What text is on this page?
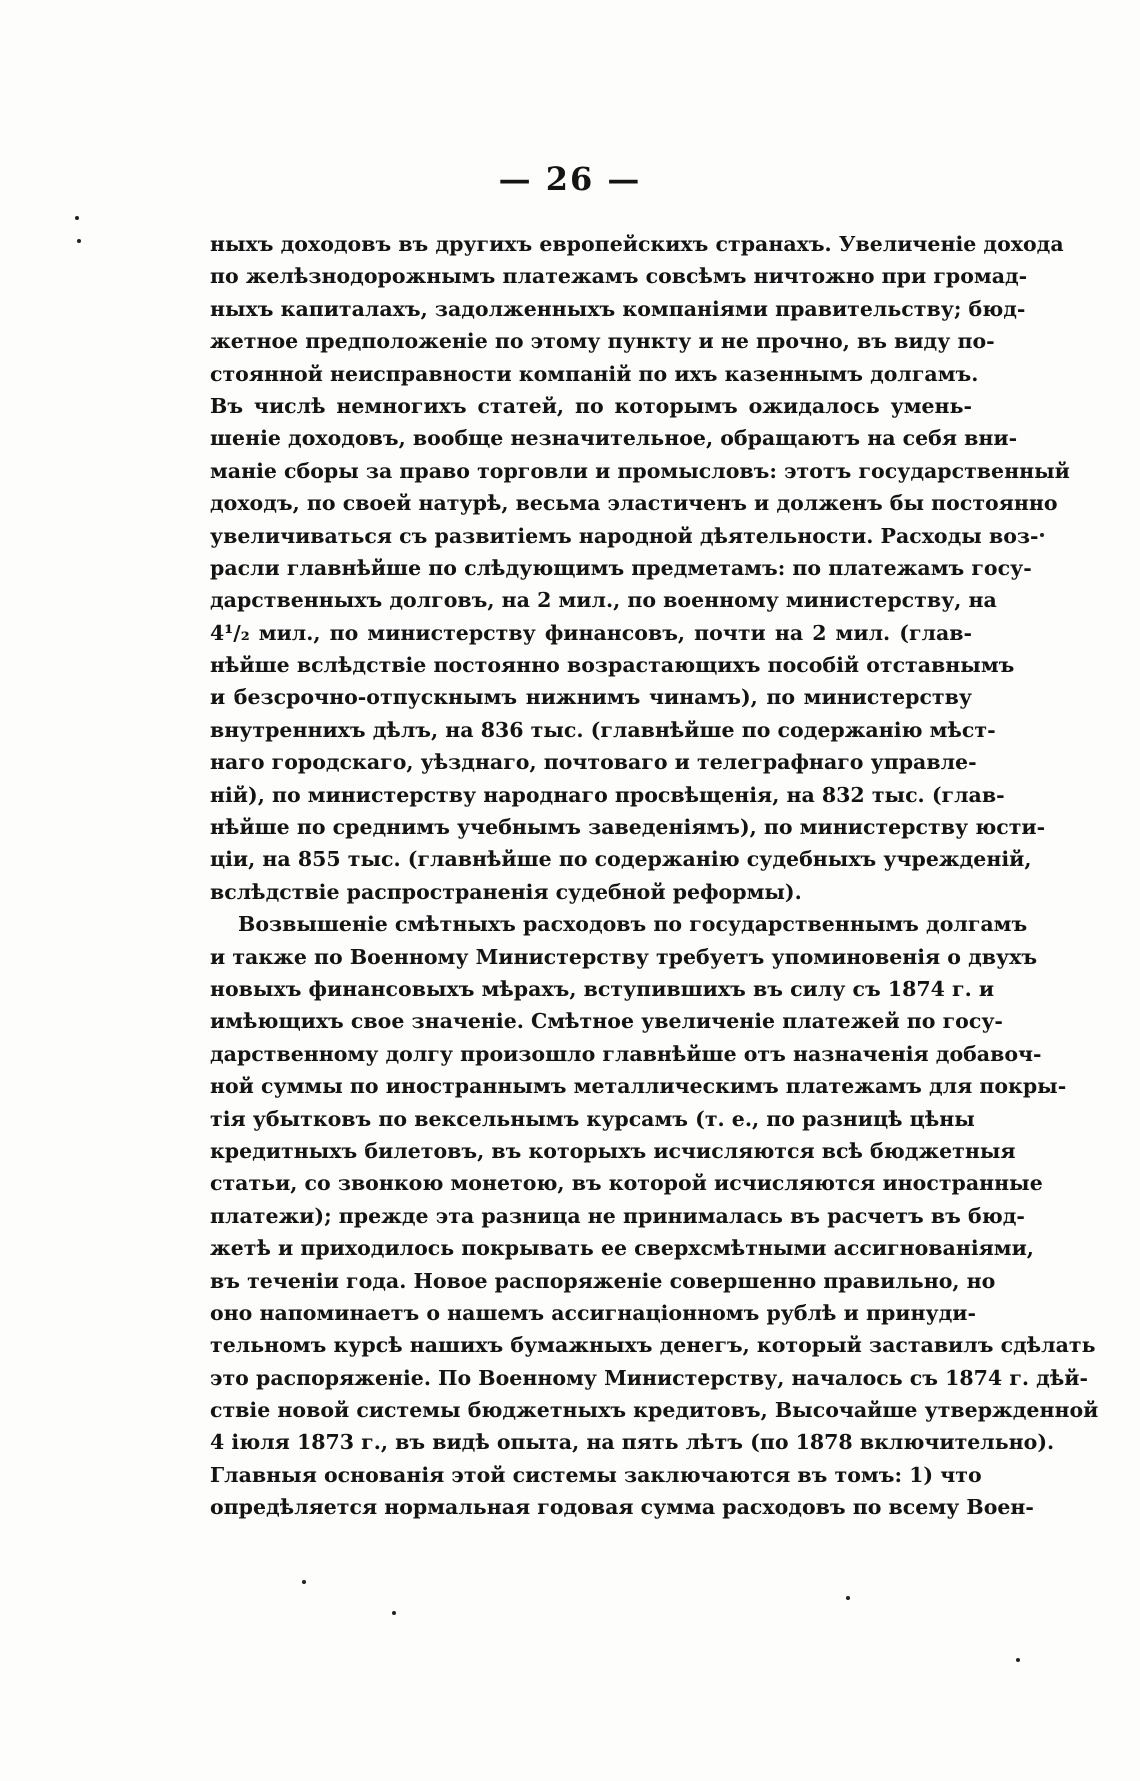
— 26 —
ныхъ доходовъ въ другихъ европейскихъ странахъ. Увеличеніе дохода
по желѣзнодорожнымъ платежамъ совсѣмъ ничтожно при громад-
ныхъ капиталахъ, задолженныхъ компаніями правительству; бюд-
жетное предположеніе по этому пункту и не прочно, въ виду по-
стоянной неисправности компаній по ихъ казеннымъ долгамъ.
Въ числѣ немногихъ статей, по которымъ ожидалось умень-
шеніе доходовъ, вообще незначительное, обращаютъ на себя вни-
маніе сборы за право торговли и промысловъ: этотъ государственный
доходъ, по своей натурѣ, весьма эластиченъ и долженъ бы постоянно
увеличиваться съ развитіемъ народной дѣятельности. Расходы воз-
расли главнѣйше по слѣдующимъ предметамъ: по платежамъ госу-
дарственныхъ долговъ, на 2 мил., по военному министерству, на
4¹/₂ мил., по министерству финансовъ, почти на 2 мил. (глав-
нѣйше вслѣдствіе постоянно возрастающихъ пособій отставнымъ
и безсрочно-отпускнымъ нижнимъ чинамъ), по министерству
внутреннихъ дѣлъ, на 836 тыс. (главнѣйше по содержанію мѣст-
наго городскаго, уѣзднаго, почтоваго и телеграфнаго управле-
ній), по министерству народнаго просвѣщенія, на 832 тыс. (глав-
нѣйше по среднимъ учебнымъ заведеніямъ), по министерству юсти-
ціи, на 855 тыс. (главнѣйше по содержанію судебныхъ учрежденій,
вслѣдствіе распространенія судебной реформы).
Возвышеніе смѣтныхъ расходовъ по государственнымъ долгамъ
и также по Военному Министерству требуетъ упоминовенія о двухъ
новыхъ финансовыхъ мѣрахъ, вступившихъ въ силу съ 1874 г. и
имѣющихъ свое значеніе. Смѣтное увеличеніе платежей по госу-
дарственному долгу произошло главнѣйше отъ назначенія добавоч-
ной суммы по иностраннымъ металлическимъ платежамъ для покры-
тія убытковъ по вексельнымъ курсамъ (т. е., по разницѣ цѣны
кредитныхъ билетовъ, въ которыхъ исчисляются всѣ бюджетныя
статьи, со звонкою монетою, въ которой исчисляются иностранные
платежи); прежде эта разница не принималась въ расчетъ въ бюд-
жетѣ и приходилось покрывать ее сверхсмѣтными ассигнованіями,
въ теченіи года. Новое распоряженіе совершенно правильно, но
оно напоминаетъ о нашемъ ассигнаціонномъ рублѣ и принуди-
тельномъ курсѣ нашихъ бумажныхъ денегъ, который заставилъ сдѣлать
это распоряженіе. По Военному Министерству, началось съ 1874 г. дѣй-
ствіе новой системы бюджетныхъ кредитовъ, Высочайше утвержденной
4 іюля 1873 г., въ видѣ опыта, на пять лѣтъ (по 1878 включительно).
Главныя основанія этой системы заключаются въ томъ: 1) что
опредѣляется нормальная годовая сумма расходовъ по всему Воен-
